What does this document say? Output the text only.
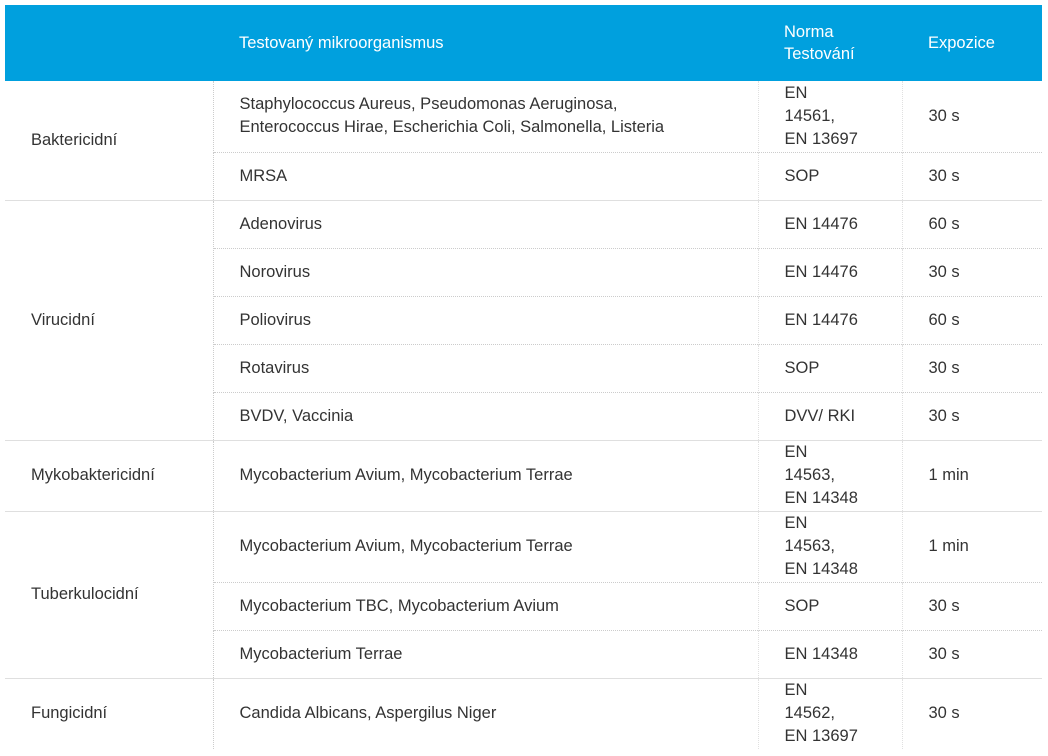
	Testovaný mikroorganismus	Norma Testování	Expozice
Baktericidní	Staphylococcus Aureus, Pseudomonas Aeruginosa, Enterococcus Hirae, Escherichia Coli, Salmonella, Listeria	EN 14561, EN 13697	30 s
	MRSA	SOP	30 s
Virucidní	Adenovirus	EN 14476	60 s
	Norovirus	EN 14476	30 s
	Poliovirus	EN 14476	60 s
	Rotavirus	SOP	30 s
	BVDV, Vaccinia	DVV/ RKI	30 s
Mykobaktericidní	Mycobacterium Avium, Mycobacterium Terrae	EN 14563, EN 14348	1 min
Tuberkulocidní	Mycobacterium Avium, Mycobacterium Terrae	EN 14563, EN 14348	1 min
	Mycobacterium TBC, Mycobacterium Avium	SOP	30 s
	Mycobacterium Terrae	EN 14348	30 s
Fungicidní	Candida Albicans, Aspergilus Niger	EN 14562, EN 13697	30 s
